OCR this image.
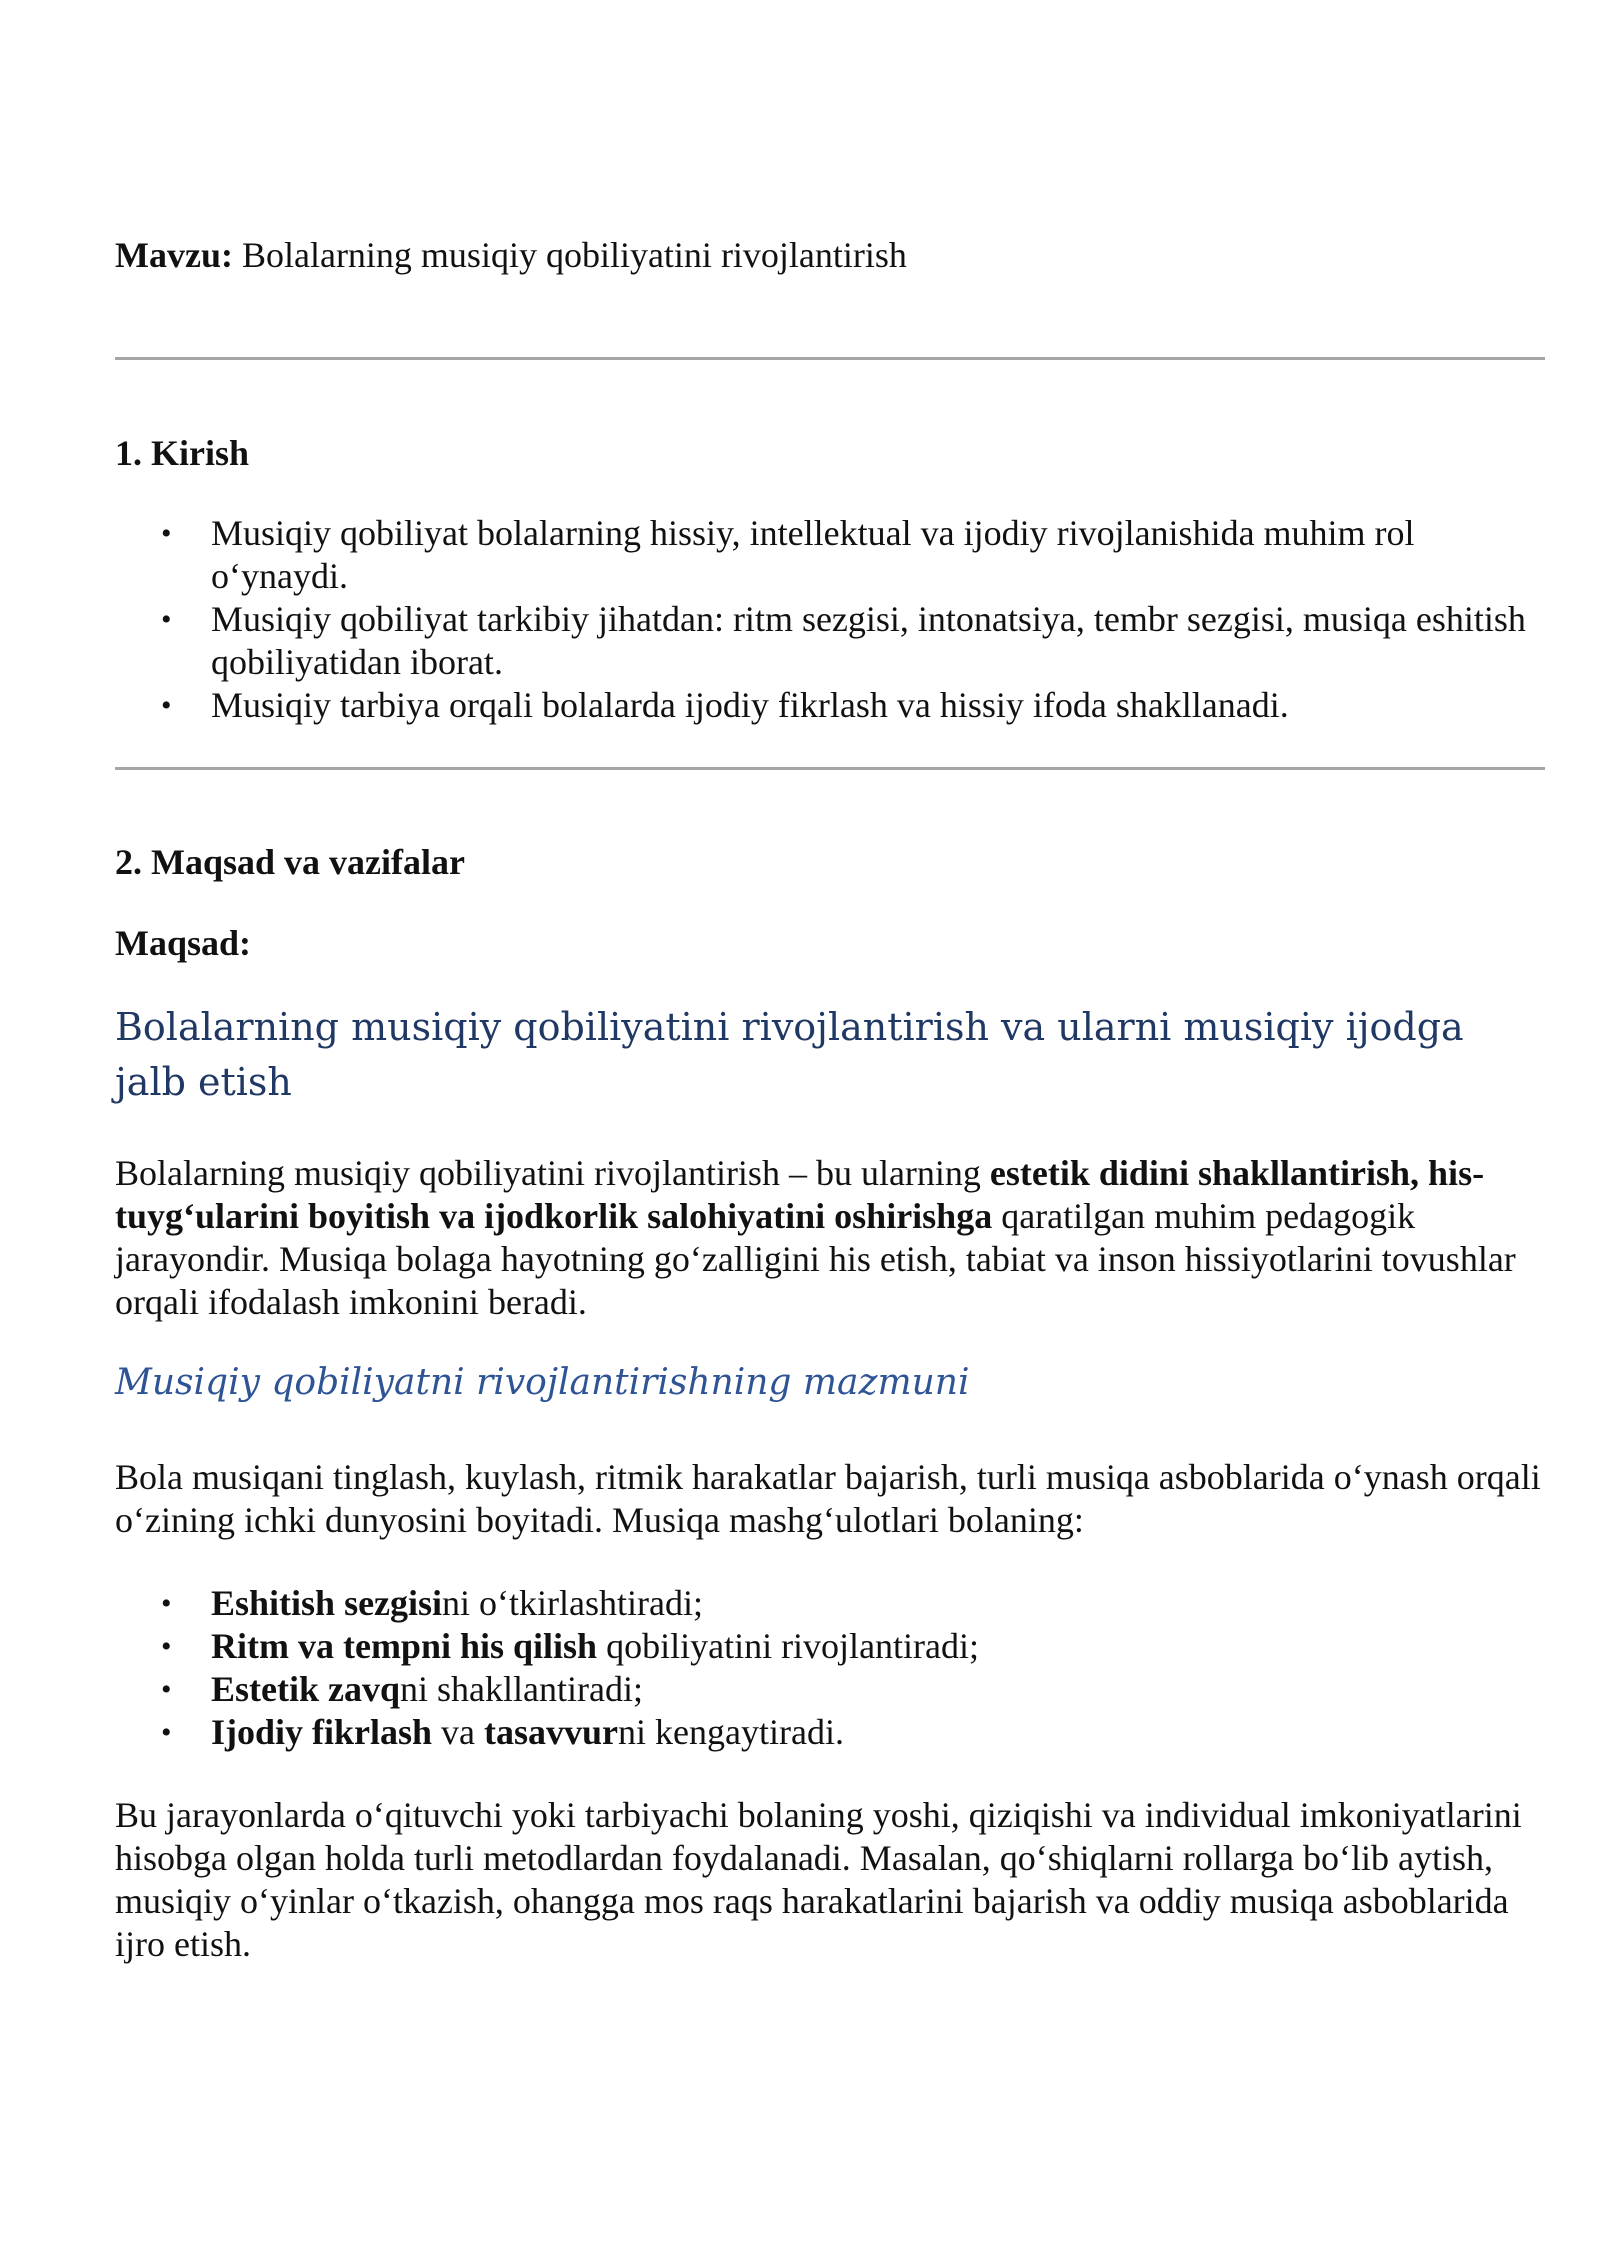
Mavzu: Bolalarning musiqiy qobiliyatini rivojlantirish

1. Kirish
• Musiqiy qobiliyat bolalarning hissiy, intellektual va ijodiy rivojlanishida muhim rol o‘ynaydi.
• Musiqiy qobiliyat tarkibiy jihatdan: ritm sezgisi, intonatsiya, tembr sezgisi, musiqa eshitish qobiliyatidan iborat.
• Musiqiy tarbiya orqali bolalarda ijodiy fikrlash va hissiy ifoda shakllanadi.
2. Maqsad va vazifalar
Maqsad:
Bolalarning musiqiy qobiliyatini rivojlantirish va ularni musiqiy ijodga jalb etish

Bolalarning musiqiy qobiliyatini rivojlantirish – bu ularning estetik didini shakllantirish, his-tuyg‘ularini boyitish va ijodkorlik salohiyatini oshirishga qaratilgan muhim pedagogik jarayondir. Musiqa bolaga hayotning go‘zalligini his etish, tabiat va inson hissiyotlarini tovushlar orqali ifodalash imkonini beradi.

Musiqiy qobiliyatni rivojlantirishning mazmuni

Bola musiqani tinglash, kuylash, ritmik harakatlar bajarish, turli musiqa asboblarida o‘ynash orqali o‘zining ichki dunyosini boyitadi. Musiqa mashg‘ulotlari bolaning:

• Eshitish sezgisini o‘tkirlashtiradi;
• Ritm va tempni his qilish qobiliyatini rivojlantiradi;
• Estetik zavqni shakllantiradi;
• Ijodiy fikrlash va tasavvurni kengaytiradi.

Bu jarayonlarda o‘qituvchi yoki tarbiyachi bolaning yoshi, qiziqishi va individual imkoniyatlarini hisobga olgan holda turli metodlardan foydalanadi. Masalan, qo‘shiqlarni rollarga bo‘lib aytish, musiqiy o‘yinlar o‘tkazish, ohangga mos raqs harakatlarini bajarish va oddiy musiqa asboblarida ijro etish.
